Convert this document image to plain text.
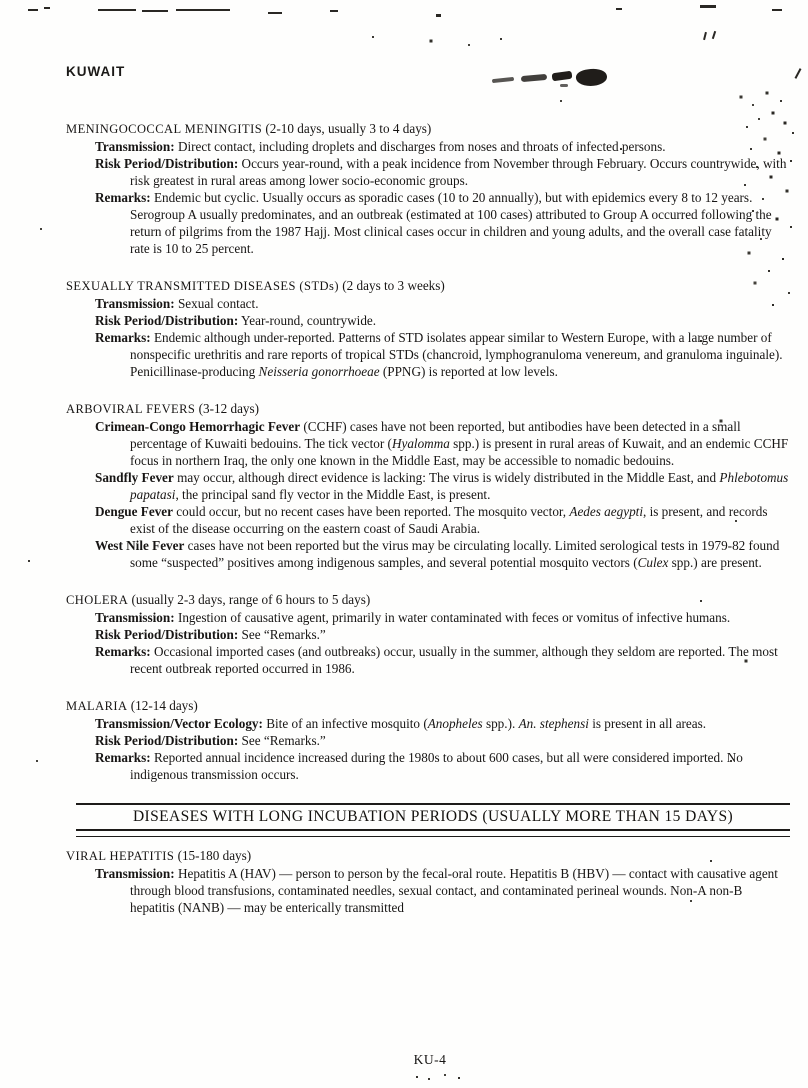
KUWAIT
MENINGOCOCCAL MENINGITIS (2-10 days, usually 3 to 4 days)

Transmission: Direct contact, including droplets and discharges from noses and throats of infected persons.

Risk Period/Distribution: Occurs year-round, with a peak incidence from November through February. Occurs countrywide, with risk greatest in rural areas among lower socio-economic groups.

Remarks: Endemic but cyclic. Usually occurs as sporadic cases (10 to 20 annually), but with epidemics every 8 to 12 years. Serogroup A usually predominates, and an outbreak (estimated at 100 cases) attributed to Group A occurred following the return of pilgrims from the 1987 Hajj. Most clinical cases occur in children and young adults, and the overall case fatality rate is 10 to 25 percent.

SEXUALLY TRANSMITTED DISEASES (STDs) (2 days to 3 weeks)

Transmission: Sexual contact.

Risk Period/Distribution: Year-round, countrywide.

Remarks: Endemic although under-reported. Patterns of STD isolates appear similar to Western Europe, with a large number of nonspecific urethritis and rare reports of tropical STDs (chancroid, lymphogranuloma venereum, and granuloma inguinale). Penicillinase-producing Neisseria gonorrhoeae (PPNG) is reported at low levels.

ARBOVIRAL FEVERS (3-12 days)

Crimean-Congo Hemorrhagic Fever (CCHF) cases have not been reported, but antibodies have been detected in a small percentage of Kuwaiti bedouins. The tick vector (Hyalomma spp.) is present in rural areas of Kuwait, and an endemic CCHF focus in northern Iraq, the only one known in the Middle East, may be accessible to nomadic bedouins.

Sandfly Fever may occur, although direct evidence is lacking: The virus is widely distributed in the Middle East, and Phlebotomus papatasi, the principal sand fly vector in the Middle East, is present.

Dengue Fever could occur, but no recent cases have been reported. The mosquito vector, Aedes aegypti, is present, and records exist of the disease occurring on the eastern coast of Saudi Arabia.

West Nile Fever cases have not been reported but the virus may be circulating locally. Limited serological tests in 1979-82 found some “suspected” positives among indigenous samples, and several potential mosquito vectors (Culex spp.) are present.

CHOLERA (usually 2-3 days, range of 6 hours to 5 days)

Transmission: Ingestion of causative agent, primarily in water contaminated with feces or vomitus of infective humans.

Risk Period/Distribution: See “Remarks.”

Remarks: Occasional imported cases (and outbreaks) occur, usually in the summer, although they seldom are reported. The most recent outbreak reported occurred in 1986.

MALARIA (12-14 days)

Transmission/Vector Ecology: Bite of an infective mosquito (Anopheles spp.). An. stephensi is present in all areas.

Risk Period/Distribution: See “Remarks.”

Remarks: Reported annual incidence increased during the 1980s to about 600 cases, but all were considered imported. No indigenous transmission occurs.

DISEASES WITH LONG INCUBATION PERIODS (USUALLY MORE THAN 15 DAYS)
VIRAL HEPATITIS (15-180 days)

Transmission: Hepatitis A (HAV) — person to person by the fecal-oral route. Hepatitis B (HBV) — contact with causative agent through blood transfusions, contaminated needles, sexual contact, and contaminated perineal wounds. Non-A non-B hepatitis (NANB) — may be enterically transmitted

KU-4
